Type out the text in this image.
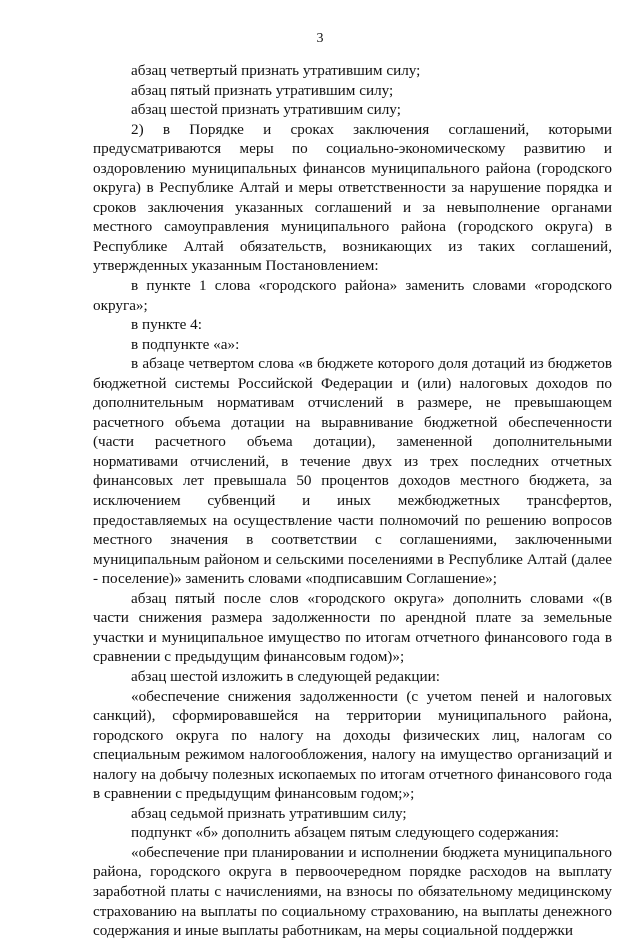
3

абзац четвертый признать утратившим силу;

абзац пятый признать утратившим силу;

абзац шестой признать утратившим силу;

2) в Порядке и сроках заключения соглашений, которыми предусматриваются меры по социально-экономическому развитию и оздоровлению муниципальных финансов муниципального района (городского округа) в Республике Алтай и меры ответственности за нарушение порядка и сроков заключения указанных соглашений и за невыполнение органами местного самоуправления муниципального района (городского округа) в Республике Алтай обязательств, возникающих из таких соглашений, утвержденных указанным Постановлением:

в пункте 1 слова «городского района» заменить словами «городского округа»;

в пункте 4:

в подпункте «а»:

в абзаце четвертом слова «в бюджете которого доля дотаций из бюджетов бюджетной системы Российской Федерации и (или) налоговых доходов по дополнительным нормативам отчислений в размере, не превышающем расчетного объема дотации на выравнивание бюджетной обеспеченности (части расчетного объема дотации), замененной дополнительными нормативами отчислений, в течение двух из трех последних отчетных финансовых лет превышала 50 процентов доходов местного бюджета, за исключением субвенций и иных межбюджетных трансфертов, предоставляемых на осуществление части полномочий по решению вопросов местного значения в соответствии с соглашениями, заключенными муниципальным районом и сельскими поселениями в Республике Алтай (далее - поселение)» заменить словами «подписавшим Соглашение»;

абзац пятый после слов «городского округа» дополнить словами «(в части снижения размера задолженности по арендной плате за земельные участки и муниципальное имущество по итогам отчетного финансового года в сравнении с предыдущим финансовым годом)»;

абзац шестой изложить в следующей редакции:

«обеспечение снижения задолженности (с учетом пеней и налоговых санкций), сформировавшейся на территории муниципального района, городского округа по налогу на доходы физических лиц, налогам со специальным режимом налогообложения, налогу на имущество организаций и налогу на добычу полезных ископаемых по итогам отчетного финансового года в сравнении с предыдущим финансовым годом;»;

абзац седьмой признать утратившим силу;

подпункт «б» дополнить абзацем пятым следующего содержания:

«обеспечение при планировании и исполнении бюджета муниципального района, городского округа в первоочередном порядке расходов на выплату заработной платы с начислениями, на взносы по обязательному медицинскому страхованию на выплаты по социальному страхованию, на выплаты денежного содержания и иные выплаты работникам, на меры социальной поддержки
